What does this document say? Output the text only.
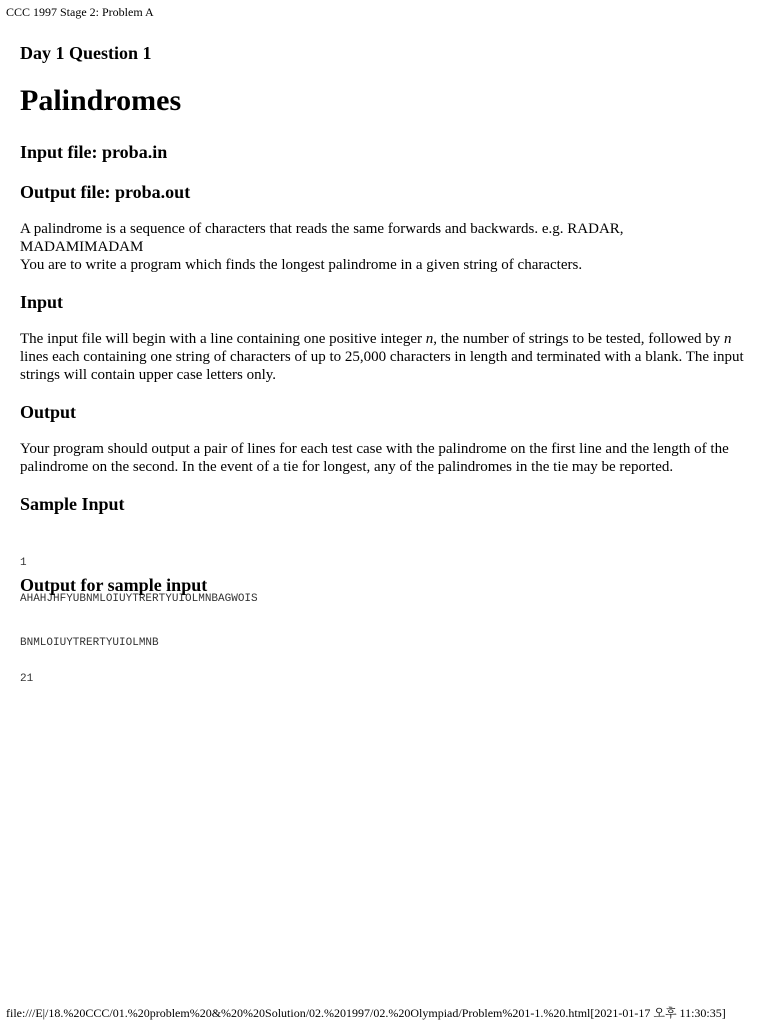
CCC 1997 Stage 2: Problem A
Day 1 Question 1
Palindromes
Input file: proba.in
Output file: proba.out
A palindrome is a sequence of characters that reads the same forwards and backwards. e.g. RADAR, MADAMIMADAM
You are to write a program which finds the longest palindrome in a given string of characters.
Input
The input file will begin with a line containing one positive integer n, the number of strings to be tested, followed by n lines each containing one string of characters of up to 25,000 characters in length and terminated with a blank. The input strings will contain upper case letters only.
Output
Your program should output a pair of lines for each test case with the palindrome on the first line and the length of the palindrome on the second. In the event of a tie for longest, any of the palindromes in the tie may be reported.
Sample Input

1

AHAHJHFYUBNMLOIUYTRERTYUIOLMNBAGWOIS

Output for sample input

BNMLOIUYTRERTYUIOLMNB

21

file:///E|/18.%20CCC/01.%20problem%20&%20%20Solution/02.%201997/02.%20Olympiad/Problem%201-1.%20.html[2021-01-17 오후 11:30:35]
